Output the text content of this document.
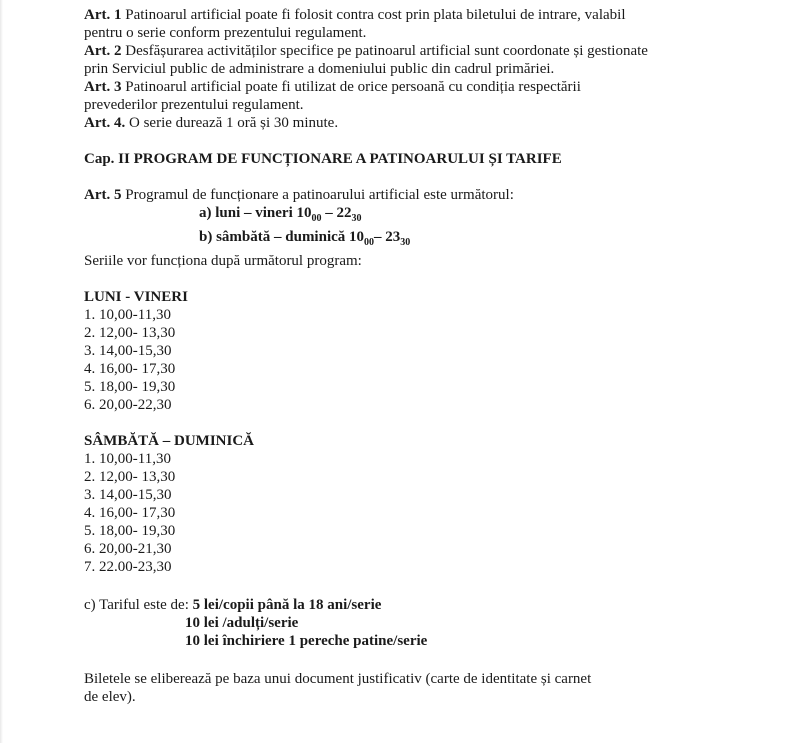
Art. 1 Patinoarul artificial poate fi folosit contra cost prin plata biletului de intrare, valabil
pentru o serie conform prezentului regulament.
Art. 2 Desfășurarea activităților specifice pe patinoarul artificial sunt coordonate și gestionate
prin Serviciul public de administrare a domeniului public din cadrul primăriei.
Art. 3 Patinoarul artificial poate fi utilizat de orice persoană cu condiția respectării
prevederilor prezentului regulament.
Art. 4. O serie durează 1 oră și 30 minute.
Cap. II PROGRAM DE FUNCȚIONARE A PATINOARULUI ȘI TARIFE
Art. 5 Programul de funcționare a patinoarului artificial este următorul:
a) luni – vineri $10_{00} - 22_{30}$
b) sâmbătă – duminică $10_{00}-$ $23_{30}$
Seriile vor funcționa după următorul program:
LUNI - VINERI
1. 10,00-11,30
2. 12,00- 13,30
3. 14,00-15,30
4. 16,00- 17,30
5. 18,00- 19,30
6. 20,00-22,30
SÂMBĂTĂ – DUMINICĂ
1. 10,00-11,30
2. 12,00- 13,30
3. 14,00-15,30
4. 16,00- 17,30
5. 18,00- 19,30
6. 20,00-21,30
7. 22.00-23,30
c) Tariful este de: 5 lei/copii până la 18 ani/serie
10 lei /adulți/serie
10 lei închiriere 1 pereche patine/serie
Biletele se eliberează pe baza unui document justificativ (carte de identitate și carnet
de elev).
